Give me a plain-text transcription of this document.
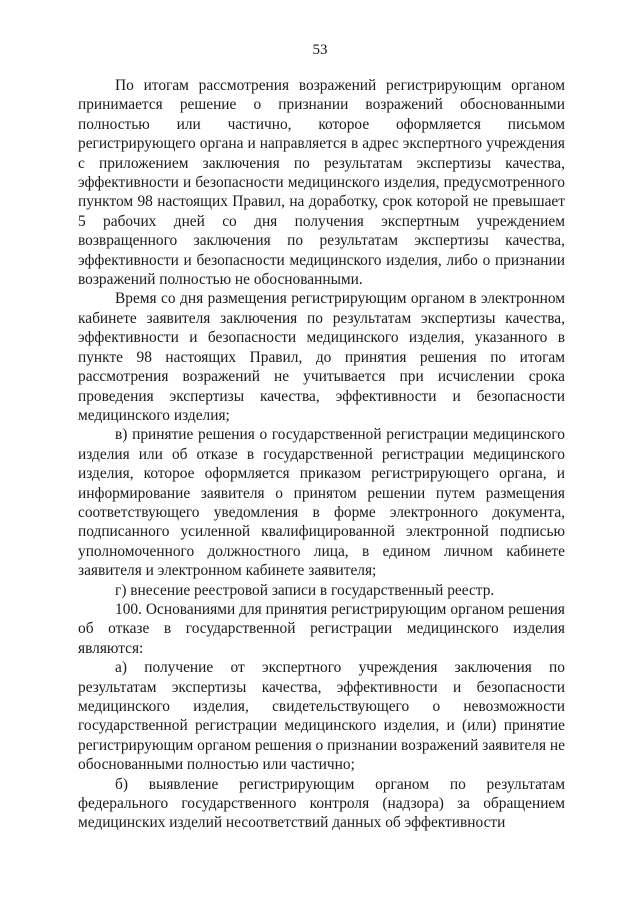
53

По итогам рассмотрения возражений регистрирующим органом принимается решение о признании возражений обоснованными полностью или частично, которое оформляется письмом регистрирующего органа и направляется в адрес экспертного учреждения с приложением заключения по результатам экспертизы качества, эффективности и безопасности медицинского изделия, предусмотренного пунктом 98 настоящих Правил, на доработку, срок которой не превышает 5 рабочих дней со дня получения экспертным учреждением возвращенного заключения по результатам экспертизы качества, эффективности и безопасности медицинского изделия, либо о признании возражений полностью не обоснованными.

Время со дня размещения регистрирующим органом в электронном кабинете заявителя заключения по результатам экспертизы качества, эффективности и безопасности медицинского изделия, указанного в пункте 98 настоящих Правил, до принятия решения по итогам рассмотрения возражений не учитывается при исчислении срока проведения экспертизы качества, эффективности и безопасности медицинского изделия;

в) принятие решения о государственной регистрации медицинского изделия или об отказе в государственной регистрации медицинского изделия, которое оформляется приказом регистрирующего органа, и информирование заявителя о принятом решении путем размещения соответствующего уведомления в форме электронного документа, подписанного усиленной квалифицированной электронной подписью уполномоченного должностного лица, в едином личном кабинете заявителя и электронном кабинете заявителя;

г) внесение реестровой записи в государственный реестр.

100. Основаниями для принятия регистрирующим органом решения об отказе в государственной регистрации медицинского изделия являются:

а) получение от экспертного учреждения заключения по результатам экспертизы качества, эффективности и безопасности медицинского изделия, свидетельствующего о невозможности государственной регистрации медицинского изделия, и (или) принятие регистрирующим органом решения о признании возражений заявителя не обоснованными полностью или частично;

б) выявление регистрирующим органом по результатам федерального государственного контроля (надзора) за обращением медицинских изделий несоответствий данных об эффективности
